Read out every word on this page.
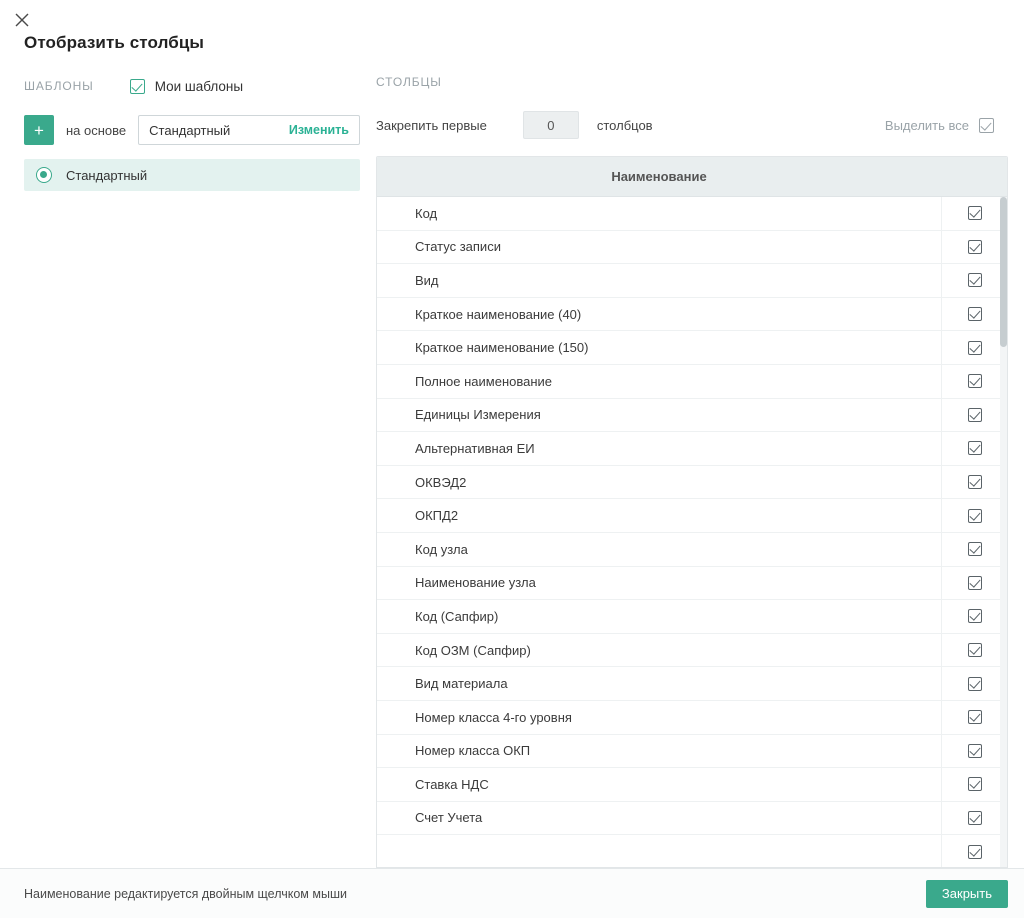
Отобразить столбцы
ШАБЛОНЫ	Мои шаблоны
+	на основе Стандартный	Изменить
Стандартный
СТОЛБЦЫ
Закрепить первые
0	столбцов	Выделить все
Наименование
Код
Статус записи
Вид
Краткое наименование (40)
Краткое наименование (150)
Полное наименование
Единицы Измерения
Альтернативная ЕИ
ОКВЭД2
ОКПД2
Код узла
Наименование узла
Код (Сапфир)
Код ОЗМ (Сапфир)
Вид материала
Номер класса 4-го уровня
Номер класса ОКП
Ставка НДС
Счет Учета
Наименование редактируется двойным щелчком мыши	Закрыть
